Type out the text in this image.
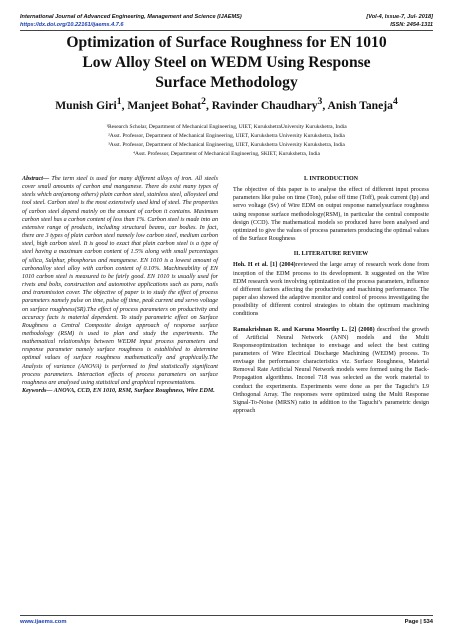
International Journal of Advanced Engineering, Management and Science (IJAEMS)	[Vol-4, Issue-7, Jul- 2018]
https://dx.doi.org/10.22161/ijaems.4.7.6	ISSN: 2454-1311
Optimization of Surface Roughness for EN 1010
Low Alloy Steel on WEDM Using Response
Surface Methodology
Munish Giri$^1$, Manjeet Bohat$^2$, Ravinder Chaudhary$^3$, Anish Taneja$^4$
¹Research Scholar, Department of Mechanical Engineering, UIET, KurukshetraUniversity Kurukshetra, India
²Asst. Professor, Department of Mechanical Engineering, UIET, Kurukshetra University Kurukshetra, India
³Asst. Professor, Department of Mechanical Engineering, UIET, Kurukshetra University Kurukshetra, India
⁴Asst. Professor, Department of Mechanical Engineering, SKIET, Kurukshetra, India

Abstract— The term steel is used for many different alloys of iron. All steels cover small amounts of carbon and manganese. There do exist many types of steels which are(among others) plain carbon steel, stainless steel, alloysteel and tool steel. Carbon steel is the most extensively used kind of steel. The properties of carbon steel depend mainly on the amount of carbon it contains. Maximum carbon steel has a carbon content of less than 1%. Carbon steel is made into an extensive range of products, including structural beams, car bodies. In fact, there are 3 types of plain carbon steel namely low carbon steel, medium carbon steel, high carbon steel. It is good to exact that plain carbon steel is a type of steel having a maximum carbon content of 1.5% along with small percentages of silica, Sulphur, phosphorus and manganese. EN 1010 is a lowest amount of carbonalloy steel alloy with carbon content of 0.10%. Machineability of EN 1010 carbon steel is measured to be fairly good. EN 1010 is usually used for rivets and bolts, construction and automotive applications such as pans, nails and transmission cover. The objective of paper is to study the effect of process parameters namely pulse on time, pulse off time, peak current and servo voltage on surface roughness(SR).The effect of process parameters on productivity and accuracy facts is material dependent. To study parametric effect on Surface Roughness a Central Composite design approach of response surface methodology (RSM) is used to plan and study the experiments. The mathematical relationships between WEDM input process parameters and response parameter namely surface roughness is established to determine optimal values of surface roughness mathematically and graphically.The Analysis of variance (ANOVA) is performed to find statistically significant process parameters. Interaction effects of process parameters on surface roughness are analysed using statistical and graphical representations.

Keywords— ANOVA, CCD, EN 1010, RSM, Surface Roughness, Wire EDM.

I. INTRODUCTION

The objective of this paper is to analyse the effect of different input process parameters like pulse on time (Ton), pulse off time (Toff), peak current (Ip) and servo voltage (Sv) of Wire EDM on output response namelysurface roughness using response surface methodology(RSM), in particular the central composite design (CCD). The mathematical models so produced have been analysed and optimized to give the values of process parameters producing the optimal values of the Surface Roughness

II. LITERATURE REVIEW

Hoh. H et al. [1] (2004)reviewed the large array of research work done from inception of the EDM process to its development. It suggested on the Wire EDM research work involving optimization of the process parameters, influence of different factors affecting the productivity and machining performance. The paper also showed the adaptive monitor and control of process investigating the possibility of different control strategies to obtain the optimum machining conditions

Ramakrishnan R. and Karuna Moorthy L. [2] (2008) described the growth of Artificial Neural Network (ANN) models and the Multi Responseoptimization technique to envisage and select the best cutting parameters of Wire Electrical Discharge Machining (WEDM) process. To envisage the performance characteristics viz. Surface Roughness, Material Removal Rate Artificial Neural Network models were formed using the Back-Propagation algorithms. Inconel 718 was selected as the work material to conduct the experiments. Experiments were done as per the Taguchi’s L9 Orthogonal Array. The responses were optimized using the Multi Response Signal-To-Noise (MRSN) ratio in addition to the Taguchi’s parametric design approach

www.ijaems.com	Page | 534
